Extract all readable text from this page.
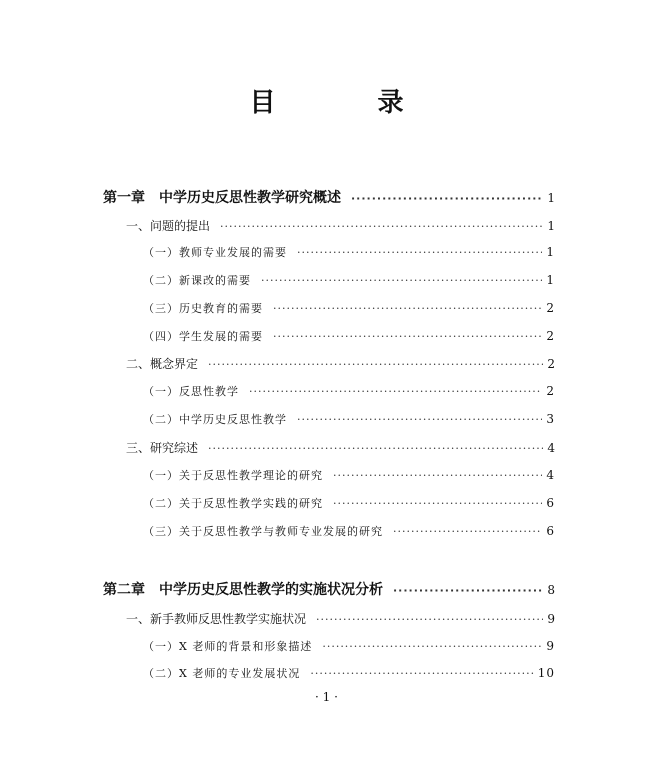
目　录
第一章　中学历史反思性教学研究概述 ·····	1
一、问题的提出 ·····	1
（一）教师专业发展的需要 ·····	1
（二）新课改的需要 ·····	1
（三）历史教育的需要 ·····	2
（四）学生发展的需要 ·····	2
二、概念界定 ·····	2
（一）反思性教学 ·····	2
（二）中学历史反思性教学 ·····	3
三、研究综述 ·····	4
（一）关于反思性教学理论的研究 ·····	4
（二）关于反思性教学实践的研究 ·····	6
（三）关于反思性教学与教师专业发展的研究 ·····	6
第二章　中学历史反思性教学的实施状况分析 ·····	8
一、新手教师反思性教学实施状况 ·····	9
（一）X 老师的背景和形象描述 ·····	9
（二）X 老师的专业发展状况 ·····	10
· 1 ·
